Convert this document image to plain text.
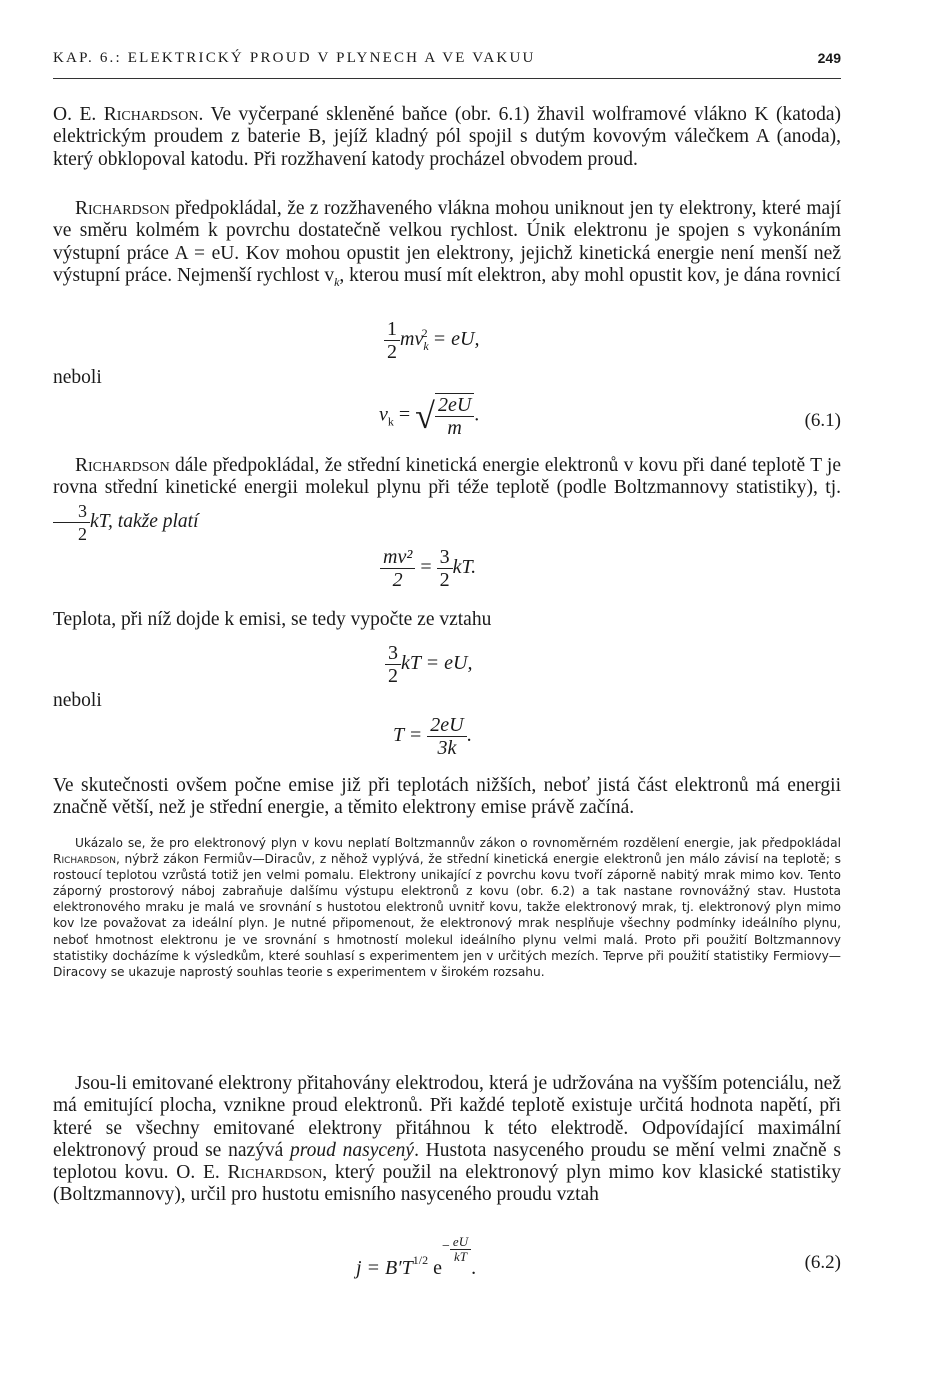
KAP. 6.: ELEKTRICKÝ PROUD V PLYNECH A VE VAKUU	249

O. E. Richardson. Ve vyčerpané skleněné baňce (obr. 6.1) žhavil wolframové vlákno K (katoda) elektrickým proudem z baterie B, jejíž kladný pól spojil s dutým kovovým válečkem A (anoda), který obklopoval katodu. Při rozžhavení katody procházel obvodem proud.

Richardson předpokládal, že z rozžhaveného vlákna mohou uniknout jen ty elektrony, které mají ve směru kolmém k povrchu dostatečně velkou rychlost. Únik elektronu je spojen s vykonáním výstupní práce A = eU. Kov mohou opustit jen elektrony, jejichž kinetická energie není menší než výstupní práce. Nejmenší rychlost $v_k$, kterou musí mít elektron, aby mohl opustit kov, je dána rovnicí

$\frac{1}{2} mv_k^2$ = eU,
neboli
$v_k$ = √ $\frac{2eU}{m}$ .	(6.1)

Richardson dále předpokládal, že střední kinetická energie elektronů v kovu při dané teplotě T je rovna střední kinetické energii molekul plynu při téže teplotě (podle Boltzmannovy statistiky), tj.
$\frac{3}{2}$ kT, takže platí

$\frac{\text{mv²}}{2} = \frac{3}{2}$ kT.

Teplota, při níž dojde k emisi, se tedy vypočte ze vztahu

$\frac{3}{2}$ kT = eU,
neboli
$T = \frac{2eU}{3k}$ .

Ve skutečnosti ovšem počne emise již při teplotách nižších, neboť jistá část elektronů má energii značně větší, než je střední energie, a těmito elektrony emise právě začíná.

Ukázalo se, že pro elektronový plyn v kovu neplatí Boltzmannův zákon o rovnoměrném rozdělení energie, jak předpokládal Richardson, nýbrž zákon Fermiův—Diracův, z něhož vyplývá, že střední kinetická energie elektronů jen málo závisí na teplotě; s rostoucí teplotou vzrůstá totiž jen velmi pomalu. Elektrony unikající z povrchu kovu tvoří záporně nabitý mrak mimo kov. Tento záporný prostorový náboj zabraňuje dalšímu výstupu elektronů z kovu (obr. 6.2) a tak nastane rovnovážný stav. Hustota elektronového mraku je malá ve srovnání s hustotou elektronů uvnitř kovu, takže elektronový mrak, tj. elektronový plyn mimo kov lze považovat za ideální plyn. Je nutné připomenout, že elektronový mrak nesplňuje všechny podmínky ideálního plynu, neboť hmotnost elektronu je ve srovnání s hmotností molekul ideálního plynu velmi malá. Proto při použití Boltzmannovy statistiky docházíme k výsledkům, které souhlasí s experimentem jen v určitých mezích. Teprve při použití statistiky Fermiovy—Diracovy se ukazuje naprostý souhlas teorie s experimentem v širokém rozsahu.

Jsou-li emitované elektrony přitahovány elektrodou, která je udržována na vyšším potenciálu, než má emitující plocha, vznikne proud elektronů. Při každé teplotě existuje určitá hodnota napětí, při které se všechny emitované elektrony přitáhnou k této elektrodě. Odpovídající maximální elektronový proud se nazývá proud nasycený. Hustota nasyceného proudu se mění velmi značně s teplotou kovu. O. E. Richardson, který použil na elektronový plyn mimo kov klasické statistiky (Boltzmannovy), určil pro hustotu emisního nasyceného proudu vztah

$j = B'T^{1/2}$ $e- \frac{eU}{kT}$
.	(6.2)
